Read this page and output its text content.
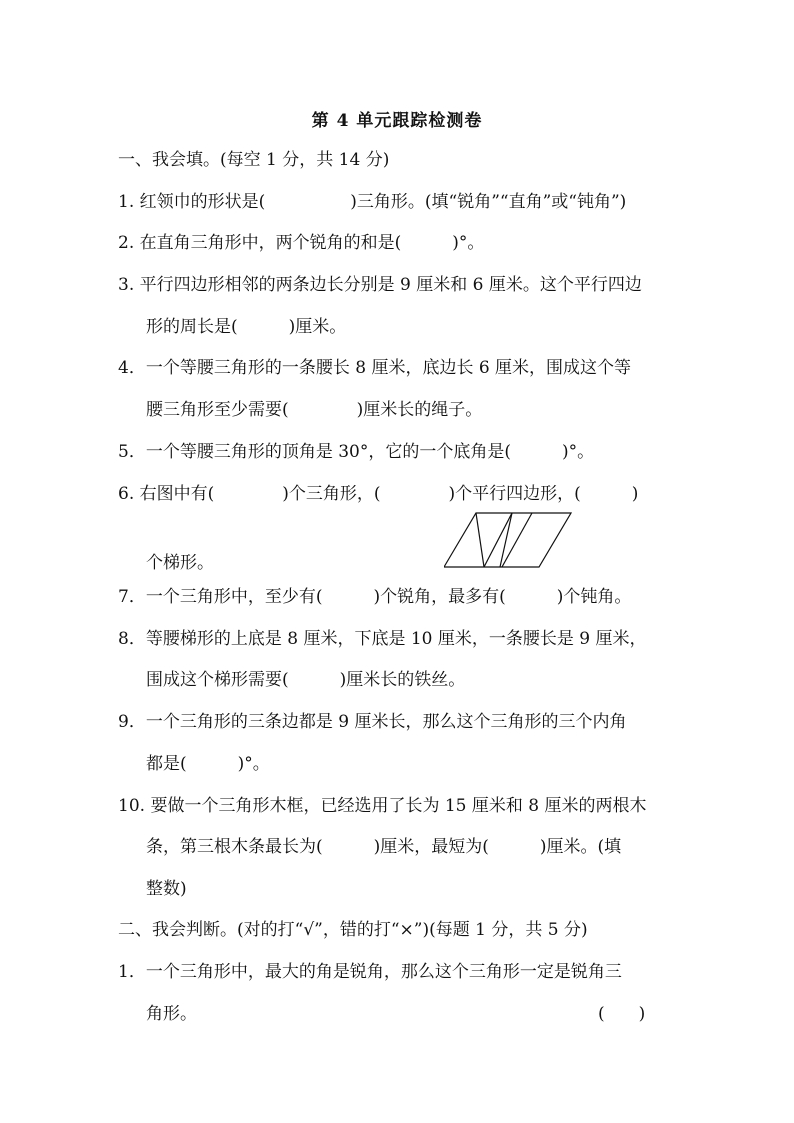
第 4 单元跟踪检测卷
一、我会填。(每空 1 分，共 14 分)
1. 红领巾的形状是(　　　　　)三角形。(填“锐角”“直角”或“钝角”)
2. 在直角三角形中，两个锐角的和是(　　　)°。
3. 平行四边形相邻的两条边长分别是 9 厘米和 6 厘米。这个平行四边
形的周长是(　　　)厘米。
4．一个等腰三角形的一条腰长 8 厘米，底边长 6 厘米，围成这个等
腰三角形至少需要(　　　　)厘米长的绳子。
5．一个等腰三角形的顶角是 30°，它的一个底角是(　　　)°。
6. 右图中有(　　　　)个三角形，(　　　　)个平行四边形，(　　　)
个梯形。
7．一个三角形中，至少有(　　　)个锐角，最多有(　　　)个钝角。
8．等腰梯形的上底是 8 厘米，下底是 10 厘米，一条腰长是 9 厘米，
围成这个梯形需要(　　　)厘米长的铁丝。
9．一个三角形的三条边都是 9 厘米长，那么这个三角形的三个内角
都是(　　　)°。
10. 要做一个三角形木框，已经选用了长为 15 厘米和 8 厘米的两根木
条，第三根木条最长为(　　　)厘米，最短为(　　　)厘米。(填
整数)
二、我会判断。(对的打“√”，错的打“×”)(每题 1 分，共 5 分)
1．一个三角形中，最大的角是锐角，那么这个三角形一定是锐角三
角形。	(　　)
